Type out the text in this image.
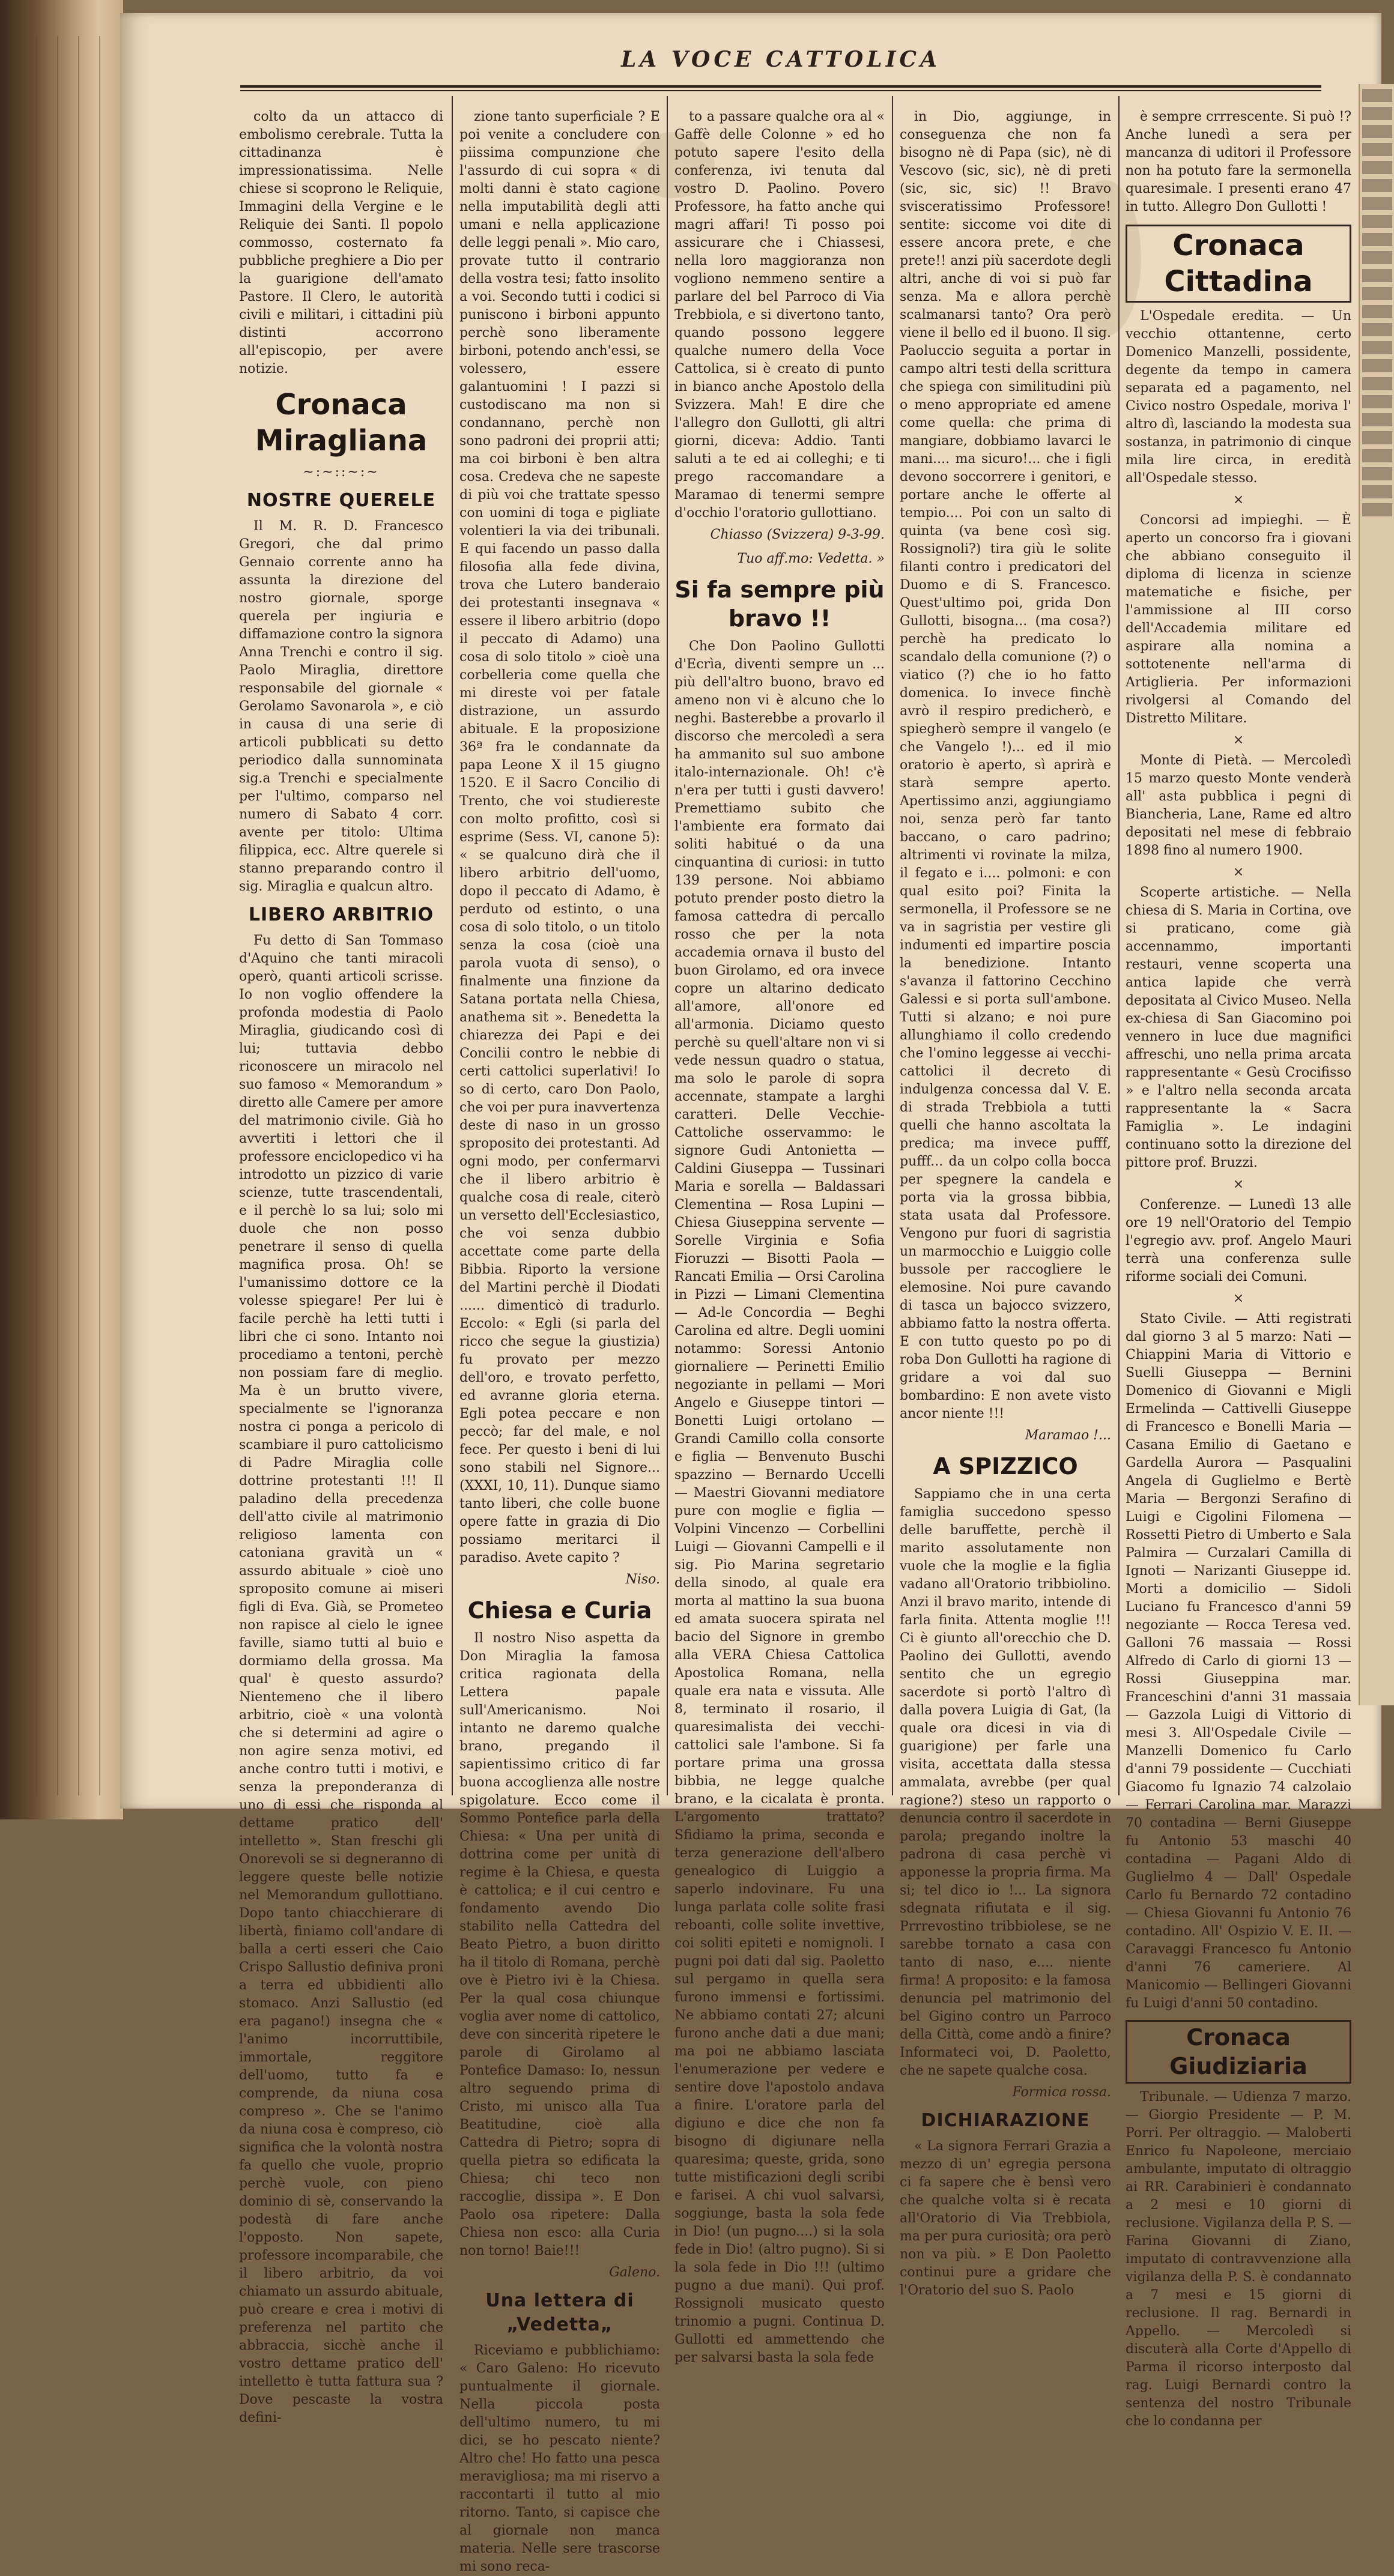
LA VOCE CATTOLICA

colto da un attacco di embolismo cerebrale. Tutta la cittadinanza è impressionatissima. Nelle chiese si scoprono le Reliquie, Immagini della Vergine e le Reliquie dei Santi. Il popolo commosso, costernato fa pubbliche preghiere a Dio per la guarigione dell'amato Pastore. Il Clero, le autorità civili e militari, i cittadini più distinti accorrono all'episcopio, per avere notizie.

Cronaca Miragliana
~:~::~:~
NOSTRE QUERELE

Il M. R. D. Francesco Gregori, che dal primo Gennaio corrente anno ha assunta la direzione del nostro giornale, sporge querela per ingiuria e diffamazione contro la signora Anna Trenchi e contro il sig. Paolo Miraglia, direttore responsabile del giornale « Gerolamo Savonarola », e ciò in causa di una serie di articoli pubblicati su detto periodico dalla sunnominata sig.a Trenchi e specialmente per l'ultimo, comparso nel numero di Sabato 4 corr. avente per titolo: Ultima filippica, ecc. Altre querele si stanno preparando contro il sig. Miraglia e qualcun altro.

LIBERO ARBITRIO

Fu detto di San Tommaso d'Aquino che tanti miracoli operò, quanti articoli scrisse. Io non voglio offendere la profonda modestia di Paolo Miraglia, giudicando così di lui; tuttavia debbo riconoscere un miracolo nel suo famoso « Memorandum » diretto alle Camere per amore del matrimonio civile. Già ho avvertiti i lettori che il professore enciclopedico vi ha introdotto un pizzico di varie scienze, tutte trascendentali, e il perchè lo sa lui; solo mi duole che non posso penetrare il senso di quella magnifica prosa. Oh! se l'umanissimo dottore ce la volesse spiegare! Per lui è facile perchè ha letti tutti i libri che ci sono. Intanto noi procediamo a tentoni, perchè non possiam fare di meglio. Ma è un brutto vivere, specialmente se l'ignoranza nostra ci ponga a pericolo di scambiare il puro cattolicismo di Padre Miraglia colle dottrine protestanti !!! Il paladino della precedenza dell'atto civile al matrimonio religioso lamenta con catoniana gravità un « assurdo abituale » cioè uno sproposito comune ai miseri figli di Eva. Già, se Prometeo non rapisce al cielo le ignee faville, siamo tutti al buio e dormiamo della grossa. Ma qual' è questo assurdo? Nientemeno che il libero arbitrio, cioè « una volontà che si determini ad agire o non agire senza motivi, ed anche contro tutti i motivi, e senza la preponderanza di uno di essi che risponda al dettame pratico dell' intelletto ». Stan freschi gli Onorevoli se si degneranno di leggere queste belle notizie nel Memorandum gullottiano. Dopo tanto chiacchierare di libertà, finiamo coll'andare di balla a certi esseri che Caio Crispo Sallustio definiva proni a terra ed ubbidienti allo stomaco. Anzi Sallustio (ed era pagano!) insegna che « l'animo incorruttibile, immortale, reggitore dell'uomo, tutto fa e comprende, da niuna cosa compreso ». Che se l'animo da niuna cosa è compreso, ciò significa che la volontà nostra fa quello che vuole, proprio perchè vuole, con pieno dominio di sè, conservando la podestà di fare anche l'opposto. Non sapete, professore incomparabile, che il libero arbitrio, da voi chiamato un assurdo abituale, può creare e crea i motivi di preferenza nel partito che abbraccia, sicchè anche il vostro dettame pratico dell' intelletto è tutta fattura sua ? Dove pescaste la vostra defini-

zione tanto superficiale ? E poi venite a concludere con piissima compunzione che l'assurdo di cui sopra « di molti danni è stato cagione nella imputabilità degli atti umani e nella applicazione delle leggi penali ». Mio caro, provate tutto il contrario della vostra tesi; fatto insolito a voi. Secondo tutti i codici si puniscono i birboni appunto perchè sono liberamente birboni, potendo anch'essi, se volessero, essere galantuomini ! I pazzi si custodiscano ma non si condannano, perchè non sono padroni dei proprii atti; ma coi birboni è ben altra cosa. Credeva che ne sapeste di più voi che trattate spesso con uomini di toga e pigliate volentieri la via dei tribunali. E qui facendo un passo dalla filosofia alla fede divina, trova che Lutero banderaio dei protestanti insegnava « essere il libero arbitrio (dopo il peccato di Adamo) una cosa di solo titolo » cioè una corbelleria come quella che mi direste voi per fatale distrazione, un assurdo abituale. E la proposizione 36ª fra le condannate da papa Leone X il 15 giugno 1520. E il Sacro Concilio di Trento, che voi studiereste con molto profitto, così si esprime (Sess. VI, canone 5): « se qualcuno dirà che il libero arbitrio dell'uomo, dopo il peccato di Adamo, è perduto od estinto, o una cosa di solo titolo, o un titolo senza la cosa (cioè una parola vuota di senso), o finalmente una finzione da Satana portata nella Chiesa, anathema sit ». Benedetta la chiarezza dei Papi e dei Concilii contro le nebbie di certi cattolici superlativi! Io so di certo, caro Don Paolo, che voi per pura inavvertenza deste di naso in un grosso sproposito dei protestanti. Ad ogni modo, per confermarvi che il libero arbitrio è qualche cosa di reale, citerò un versetto dell'Ecclesiastico, che voi senza dubbio accettate come parte della Bibbia. Riporto la versione del Martini perchè il Diodati ...... dimenticò di tradurlo. Eccolo: « Egli (si parla del ricco che segue la giustizia) fu provato per mezzo dell'oro, e trovato perfetto, ed avranne gloria eterna. Egli potea peccare e non peccò; far del male, e nol fece. Per questo i beni di lui sono stabili nel Signore... (XXXI, 10, 11). Dunque siamo tanto liberi, che colle buone opere fatte in grazia di Dio possiamo meritarci il paradiso. Avete capito ?

Niso.
Chiesa e Curia

Il nostro Niso aspetta da Don Miraglia la famosa critica ragionata della Lettera papale sull'Americanismo. Noi intanto ne daremo qualche brano, pregando il sapientissimo critico di far buona accoglienza alle nostre spigolature. Ecco come il Sommo Pontefice parla della Chiesa: « Una per unità di dottrina come per unità di regime è la Chiesa, e questa è cattolica; e il cui centro e fondamento avendo Dio stabilito nella Cattedra del Beato Pietro, a buon diritto ha il titolo di Romana, perchè ove è Pietro ivi è la Chiesa. Per la qual cosa chiunque voglia aver nome di cattolico, deve con sincerità ripetere le parole di Girolamo al Pontefice Damaso: Io, nessun altro seguendo prima di Cristo, mi unisco alla Tua Beatitudine, cioè alla Cattedra di Pietro; sopra di quella pietra so edificata la Chiesa; chi teco non raccoglie, dissipa ». E Don Paolo osa ripetere: Dalla Chiesa non esco: alla Curia non torno! Baie!!!

Galeno.
Una lettera di „Vedetta„

Riceviamo e pubblichiamo: « Caro Galeno: Ho ricevuto puntualmente il giornale. Nella piccola posta dell'ultimo numero, tu mi dici, se ho pescato niente? Altro che! Ho fatto una pesca meravigliosa; ma mi riservo a raccontarti il tutto al mio ritorno. Tanto, si capisce che al giornale non manca materia. Nelle sere trascorse mi sono reca-

to a passare qualche ora al « Gaffè delle Colonne » ed ho potuto sapere l'esito della conferenza, ivi tenuta dal vostro D. Paolino. Povero Professore, ha fatto anche qui magri affari! Ti posso poi assicurare che i Chiassesi, nella loro maggioranza non vogliono nemmeno sentire a parlare del bel Parroco di Via Trebbiola, e si divertono tanto, quando possono leggere qualche numero della Voce Cattolica, si è creato di punto in bianco anche Apostolo della Svizzera. Mah! E dire che l'allegro don Gullotti, gli altri giorni, diceva: Addio. Tanti saluti a te ed ai colleghi; e ti prego raccomandare a Maramao di tenermi sempre d'occhio l'oratorio gullottiano.

Chiasso (Svizzera) 9-3-99.
Tuo aff.mo: Vedetta. »
Si fa sempre più bravo !!

Che Don Paolino Gullotti d'Ecrìa, diventi sempre un ... più dell'altro buono, bravo ed ameno non vi è alcuno che lo neghi. Basterebbe a provarlo il discorso che mercoledì a sera ha ammanito sul suo ambone italo-internazionale. Oh! c'è n'era per tutti i gusti davvero! Premettiamo subito che l'ambiente era formato dai soliti habitué o da una cinquantina di curiosi: in tutto 139 persone. Noi abbiamo potuto prender posto dietro la famosa cattedra di percallo rosso che per la nota accademia ornava il busto del buon Girolamo, ed ora invece copre un altarino dedicato all'amore, all'onore ed all'armonia. Diciamo questo perchè su quell'altare non vi si vede nessun quadro o statua, ma solo le parole di sopra accennate, stampate a larghi caratteri. Delle Vecchie-Cattoliche osservammo: le signore Gudi Antonietta — Caldini Giuseppa — Tussinari Maria e sorella — Baldassari Clementina — Rosa Lupini — Chiesa Giuseppina servente — Sorelle Virginia e Sofia Fioruzzi — Bisotti Paola — Rancati Emilia — Orsi Carolina in Pizzi — Limani Clementina — Ad-le Concordia — Beghi Carolina ed altre. Degli uomini notammo: Soressi Antonio giornaliere — Perinetti Emilio negoziante in pellami — Mori Angelo e Giuseppe tintori — Bonetti Luigi ortolano — Grandi Camillo colla consorte e figlia — Benvenuto Buschi spazzino — Bernardo Uccelli — Maestri Giovanni mediatore pure con moglie e figlia — Volpini Vincenzo — Corbellini Luigi — Giovanni Campelli e il sig. Pio Marina segretario della sinodo, al quale era morta al mattino la sua buona ed amata suocera spirata nel bacio del Signore in grembo alla VERA Chiesa Cattolica Apostolica Romana, nella quale era nata e vissuta. Alle 8, terminato il rosario, il quaresimalista dei vecchi-cattolici sale l'ambone. Si fa portare prima una grossa bibbia, ne legge qualche brano, e la cicalata è pronta. L'argomento trattato? Sfidiamo la prima, seconda e terza generazione dell'albero genealogico di Luiggio a saperlo indovinare. Fu una lunga parlata colle solite frasi reboanti, colle solite invettive, coi soliti epiteti e nomignoli. I pugni poi dati dal sig. Paoletto sul pergamo in quella sera furono immensi e fortissimi. Ne abbiamo contati 27; alcuni furono anche dati a due mani; ma poi ne abbiamo lasciata l'enumerazione per vedere e sentire dove l'apostolo andava a finire. L'oratore parla del digiuno e dice che non fa bisogno di digiunare nella quaresima; queste, grida, sono tutte mistificazioni degli scribi e farisei. A chi vuol salvarsi, soggiunge, basta la sola fede in Dio! (un pugno....) si la sola fede in Dio! (altro pugno). Si si la sola fede in Dio !!! (ultimo pugno a due mani). Qui prof. Rossignoli musicato questo trinomio a pugni. Continua D. Gullotti ed ammettendo che per salvarsi basta la sola fede

in Dio, aggiunge, in conseguenza che non fa bisogno nè di Papa (sic), nè di Vescovo (sic, sic), nè di preti (sic, sic, sic) !! Bravo svisceratissimo Professore! sentite: siccome voi dite di essere ancora prete, e che prete!! anzi più sacerdote degli altri, anche di voi si può far senza. Ma e allora perchè scalmanarsi tanto? Ora però viene il bello ed il buono. Il sig. Paoluccio seguita a portar in campo altri testi della scrittura che spiega con similitudini più o meno appropriate ed amene come quella: che prima di mangiare, dobbiamo lavarci le mani.... ma sicuro!... che i figli devono soccorrere i genitori, e portare anche le offerte al tempio.... Poi con un salto di quinta (va bene così sig. Rossignoli?) tira giù le solite filanti contro i predicatori del Duomo e di S. Francesco. Quest'ultimo poi, grida Don Gullotti, bisogna... (ma cosa?) perchè ha predicato lo scandalo della comunione (?) o viatico (?) che io ho fatto domenica. Io invece finchè avrò il respiro predicherò, e spiegherò sempre il vangelo (e che Vangelo !)... ed il mio oratorio è aperto, sì aprirà e starà sempre aperto. Apertissimo anzi, aggiungiamo noi, senza però far tanto baccano, o caro padrino; altrimenti vi rovinate la milza, il fegato e i.... polmoni: e con qual esito poi? Finita la sermonella, il Professore se ne va in sagristia per vestire gli indumenti ed impartire poscia la benedizione. Intanto s'avanza il fattorino Cecchino Galessi e si porta sull'ambone. Tutti si alzano; e noi pure allunghiamo il collo credendo che l'omino leggesse ai vecchi-cattolici il decreto di indulgenza concessa dal V. E. di strada Trebbiola a tutti quelli che hanno ascoltata la predica; ma invece pufff, pufff... da un colpo colla bocca per spegnere la candela e porta via la grossa bibbia, stata usata dal Professore. Vengono pur fuori di sagristia un marmocchio e Luiggio colle bussole per raccogliere le elemosine. Noi pure cavando di tasca un bajocco svizzero, abbiamo fatto la nostra offerta. E con tutto questo po po di roba Don Gullotti ha ragione di gridare a voi dal suo bombardino: E non avete visto ancor niente !!!

Maramao !...
A SPIZZICO

Sappiamo che in una certa famiglia succedono spesso delle baruffette, perchè il marito assolutamente non vuole che la moglie e la figlia vadano all'Oratorio tribbiolino. Anzi il bravo marito, intende di farla finita. Attenta moglie !!! Ci è giunto all'orecchio che D. Paolino dei Gullotti, avendo sentito che un egregio sacerdote si portò l'altro dì dalla povera Luigia di Gat, (la quale ora dicesi in via di guarigione) per farle una visita, accettata dalla stessa ammalata, avrebbe (per qual ragione?) steso un rapporto o denuncia contro il sacerdote in parola; pregando inoltre la padrona di casa perchè vi apponesse la propria firma. Ma si; tel dico io !... La signora sdegnata rifiutata e il sig. Prrrevostino tribbiolese, se ne sarebbe tornato a casa con tanto di naso, e.... niente firma! A proposito: e la famosa denuncia pel matrimonio del bel Gigino contro un Parroco della Città, come andò a finire? Informateci voi, D. Paoletto, che ne sapete qualche cosa.

Formica rossa.
DICHIARAZIONE

« La signora Ferrari Grazia a mezzo di un' egregia persona ci fa sapere che è bensì vero che qualche volta si è recata all'Oratorio di Via Trebbiola, ma per pura curiosità; ora però non va più. » E Don Paoletto continui pure a gridare che l'Oratorio del suo S. Paolo

è sempre crrrescente. Si può !? Anche lunedì a sera per mancanza di uditori il Professore non ha potuto fare la sermonella quaresimale. I presenti erano 47 in tutto. Allegro Don Gullotti !

Cronaca Cittadina

L'Ospedale eredita. — Un vecchio ottantenne, certo Domenico Manzelli, possidente, degente da tempo in camera separata ed a pagamento, nel Civico nostro Ospedale, moriva l' altro dì, lasciando la modesta sua sostanza, in patrimonio di cinque mila lire circa, in eredità all'Ospedale stesso.

×

Concorsi ad impieghi. — È aperto un concorso fra i giovani che abbiano conseguito il diploma di licenza in scienze matematiche e fisiche, per l'ammissione al III corso dell'Accademia militare ed aspirare alla nomina a sottotenente nell'arma di Artiglieria. Per informazioni rivolgersi al Comando del Distretto Militare.

×

Monte di Pietà. — Mercoledì 15 marzo questo Monte venderà all' asta pubblica i pegni di Biancheria, Lane, Rame ed altro depositati nel mese di febbraio 1898 fino al numero 1900.

×

Scoperte artistiche. — Nella chiesa di S. Maria in Cortina, ove si praticano, come già accennammo, importanti restauri, venne scoperta una antica lapide che verrà depositata al Civico Museo. Nella ex-chiesa di San Giacomino poi vennero in luce due magnifici affreschi, uno nella prima arcata rappresentante « Gesù Crocifisso » e l'altro nella seconda arcata rappresentante la « Sacra Famiglia ». Le indagini continuano sotto la direzione del pittore prof. Bruzzi.

×

Conferenze. — Lunedì 13 alle ore 19 nell'Oratorio del Tempio l'egregio avv. prof. Angelo Mauri terrà una conferenza sulle riforme sociali dei Comuni.

×

Stato Civile. — Atti registrati dal giorno 3 al 5 marzo: Nati — Chiappini Maria di Vittorio e Suelli Giuseppa — Bernini Domenico di Giovanni e Migli Ermelinda — Cattivelli Giuseppe di Francesco e Bonelli Maria — Casana Emilio di Gaetano e Gardella Aurora — Pasqualini Angela di Guglielmo e Bertè Maria — Bergonzi Serafino di Luigi e Cigolini Filomena — Rossetti Pietro di Umberto e Sala Palmira — Curzalari Camilla di Ignoti — Narizanti Giuseppe id. Morti a domicilio — Sidoli Luciano fu Francesco d'anni 59 negoziante — Rocca Teresa ved. Galloni 76 massaia — Rossi Alfredo di Carlo di giorni 13 — Rossi Giuseppina mar. Franceschini d'anni 31 massaia — Gazzola Luigi di Vittorio di mesi 3. All'Ospedale Civile — Manzelli Domenico fu Carlo d'anni 79 possidente — Cucchiati Giacomo fu Ignazio 74 calzolaio — Ferrari Carolina mar. Marazzi 70 contadina — Berni Giuseppe fu Antonio 53 maschi 40 contadina — Pagani Aldo di Guglielmo 4 — Dall' Ospedale Carlo fu Bernardo 72 contadino — Chiesa Giovanni fu Antonio 76 contadino. All' Ospizio V. E. II. — Caravaggi Francesco fu Antonio d'anni 76 cameriere. Al Manicomio — Bellingeri Giovanni fu Luigi d'anni 50 contadino.

Cronaca Giudiziaria

Tribunale. — Udienza 7 marzo. — Giorgio Presidente — P. M. Porri. Per oltraggio. — Maloberti Enrico fu Napoleone, merciaio ambulante, imputato di oltraggio ai RR. Carabinieri è condannato a 2 mesi e 10 giorni di reclusione. Vigilanza della P. S. — Farina Giovanni di Ziano, imputato di contravvenzione alla vigilanza della P. S. è condannato a 7 mesi e 15 giorni di reclusione. Il rag. Bernardi in Appello. — Mercoledì si discuterà alla Corte d'Appello di Parma il ricorso interposto dal rag. Luigi Bernardi contro la sentenza del nostro Tribunale che lo condanna per
